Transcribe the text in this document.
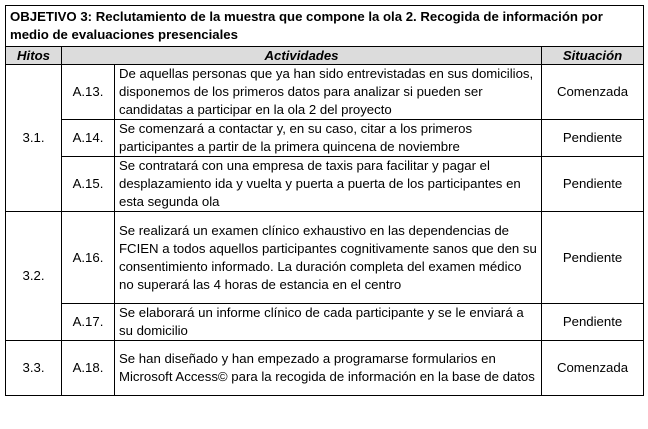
OBJETIVO 3: Reclutamiento de la muestra que compone la ola 2. Recogida de información por medio de evaluaciones presenciales			
Hitos	Actividades		Situación
3.1.	A.13.	De aquellas personas que ya han sido entrevistadas en sus domicilios, disponemos de los primeros datos para analizar si pueden ser candidatas a participar en la ola 2 del proyecto	Comenzada
	A.14.	Se comenzará a contactar y, en su caso, citar a los primeros participantes a partir de la primera quincena de noviembre	Pendiente
	A.15.	Se contratará con una empresa de taxis para facilitar y pagar el desplazamiento ida y vuelta y puerta a puerta de los participantes en esta segunda ola	Pendiente
3.2.	A.16.	Se realizará un examen clínico exhaustivo en las dependencias de FCIEN a todos aquellos participantes cognitivamente sanos que den su consentimiento informado. La duración completa del examen médico no superará las 4 horas de estancia en el centro	Pendiente
	A.17.	Se elaborará un informe clínico de cada participante y se le enviará a su domicilio	Pendiente
3.3.	A.18.	Se han diseñado y han empezado a programarse formularios en Microsoft Access© para la recogida de información en la base de datos	Comenzada
